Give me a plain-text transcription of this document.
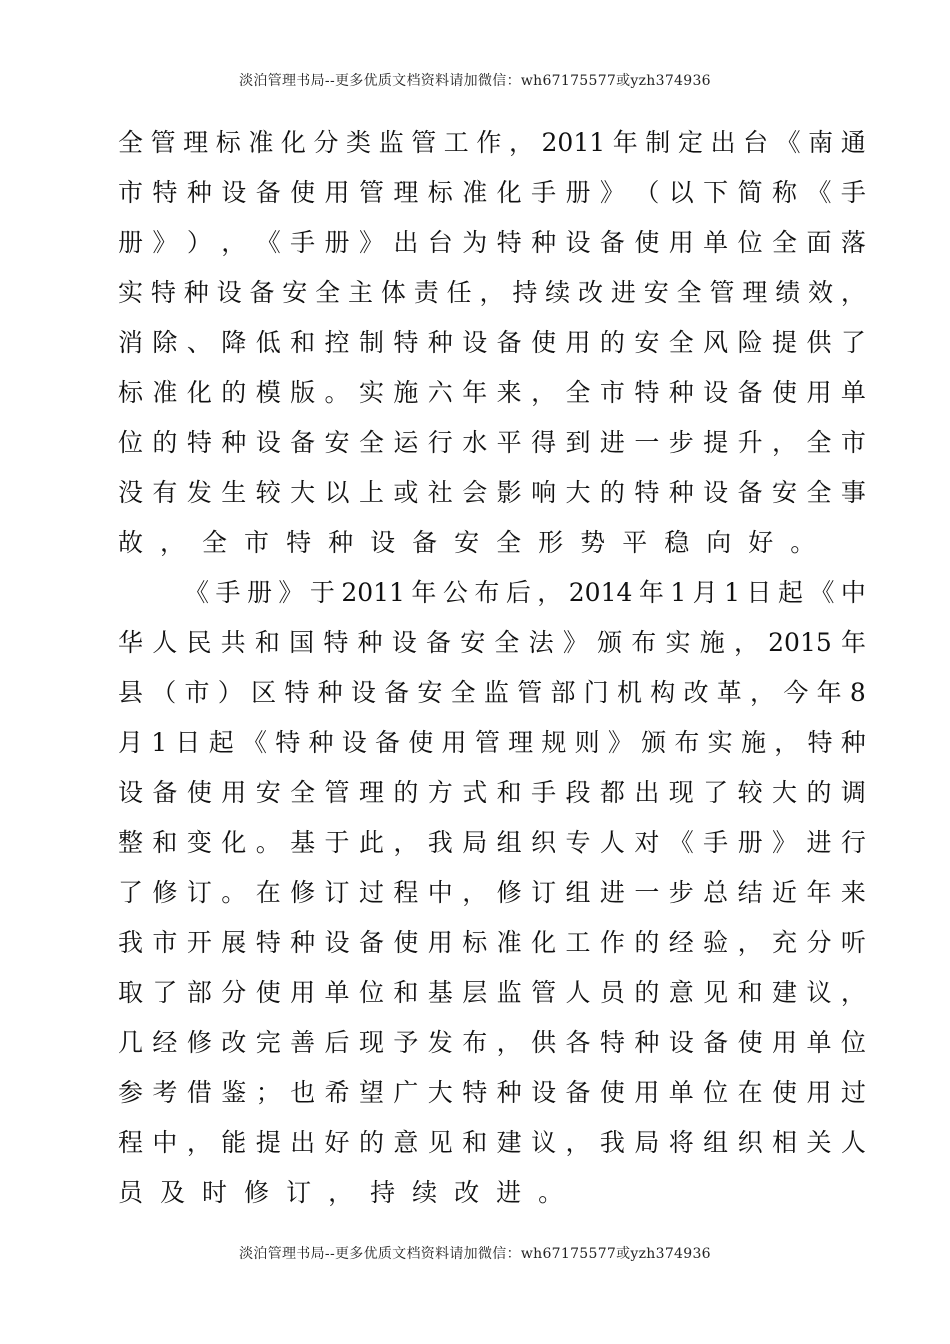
淡泊管理书局--更多优质文档资料请加微信：wh67175577或yzh374936
全 管 理 标 准 化 分 类 监 管 工 作 ， 2011 年 制 定 出 台 《 南 通
市 特 种 设 备 使 用 管 理 标 准 化 手 册 》 （ 以 下 简 称 《 手
册 》 ） ， 《 手 册 》 出 台 为 特 种 设 备 使 用 单 位 全 面 落
实 特 种 设 备 安 全 主 体 责 任 ， 持 续 改 进 安 全 管 理 绩 效 ，
消 除 、 降 低 和 控 制 特 种 设 备 使 用 的 安 全 风 险 提 供 了
标 准 化 的 模 版 。 实 施 六 年 来 ， 全 市 特 种 设 备 使 用 单
位 的 特 种 设 备 安 全 运 行 水 平 得 到 进 一 步 提 升 ， 全 市
没 有 发 生 较 大 以 上 或 社 会 影 响 大 的 特 种 设 备 安 全 事
故 ， 全 市 特 种 设 备 安 全 形 势 平 稳 向 好 。
《 手 册 》 于 2011 年 公 布 后 ， 2014 年 1 月 1 日 起 《 中
华 人 民 共 和 国 特 种 设 备 安 全 法 》 颁 布 实 施 ， 2015 年
县 （ 市 ） 区 特 种 设 备 安 全 监 管 部 门 机 构 改 革 ， 今 年 8
月 1 日 起 《 特 种 设 备 使 用 管 理 规 则 》 颁 布 实 施 ， 特 种
设 备 使 用 安 全 管 理 的 方 式 和 手 段 都 出 现 了 较 大 的 调
整 和 变 化 。 基 于 此 ， 我 局 组 织 专 人 对 《 手 册 》 进 行
了 修 订 。 在 修 订 过 程 中 ， 修 订 组 进 一 步 总 结 近 年 来
我 市 开 展 特 种 设 备 使 用 标 准 化 工 作 的 经 验 ， 充 分 听
取 了 部 分 使 用 单 位 和 基 层 监 管 人 员 的 意 见 和 建 议 ，
几 经 修 改 完 善 后 现 予 发 布 ， 供 各 特 种 设 备 使 用 单 位
参 考 借 鉴 ； 也 希 望 广 大 特 种 设 备 使 用 单 位 在 使 用 过
程 中 ， 能 提 出 好 的 意 见 和 建 议 ， 我 局 将 组 织 相 关 人
员 及 时 修 订 ， 持 续 改 进 。
淡泊管理书局--更多优质文档资料请加微信：wh67175577或yzh374936
